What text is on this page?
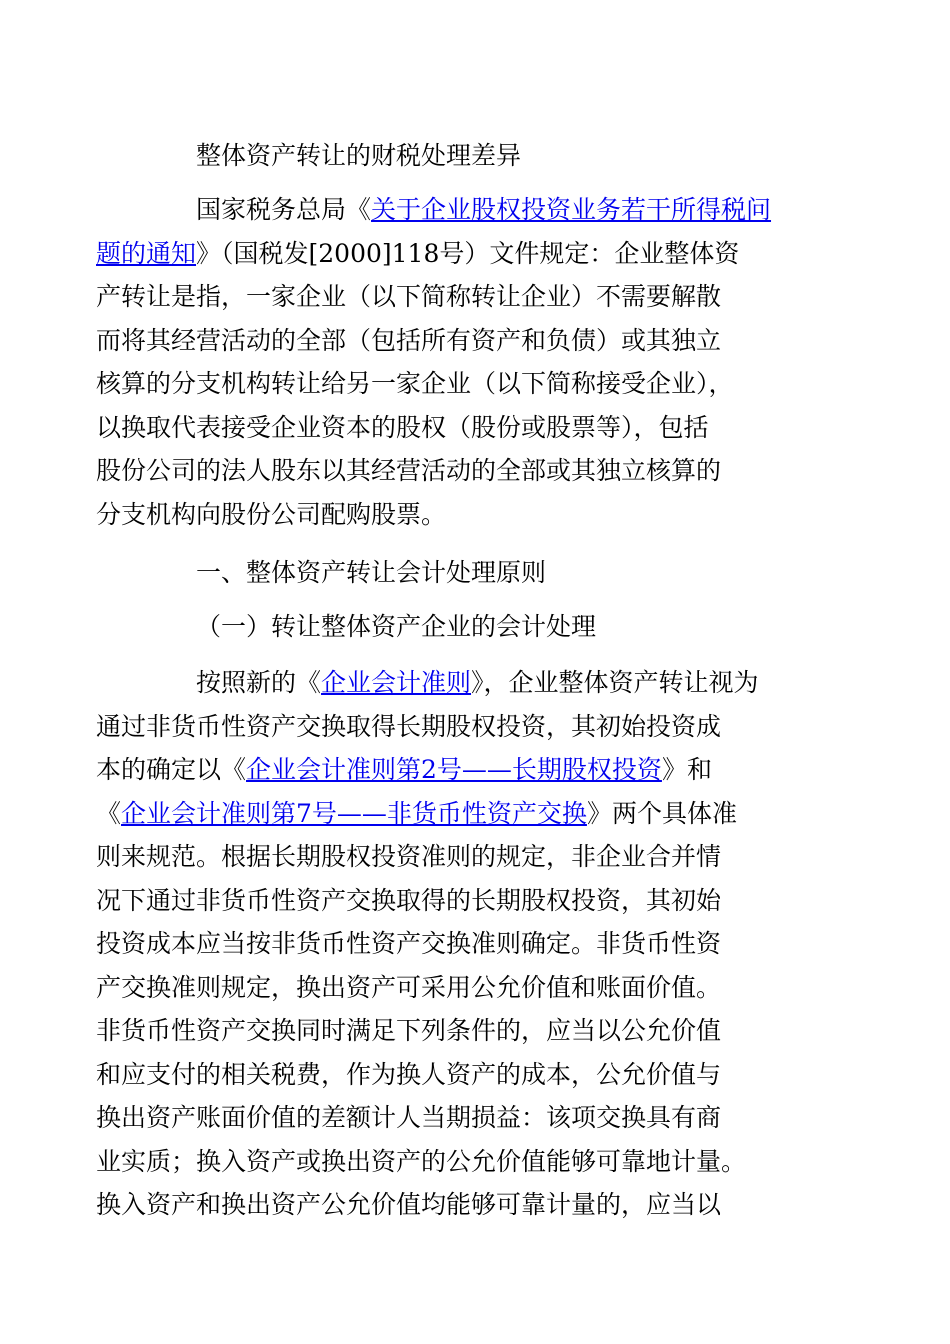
整体资产转让的财税处理差异

国家税务总局《关于企业股权投资业务若干所得税问
题的通知》（国税发[2000]118号）文件规定：企业整体资
产转让是指，一家企业（以下简称转让企业）不需要解散
而将其经营活动的全部（包括所有资产和负债）或其独立
核算的分支机构转让给另一家企业（以下简称接受企业），
以换取代表接受企业资本的股权（股份或股票等），包括
股份公司的法人股东以其经营活动的全部或其独立核算的
分支机构向股份公司配购股票。

一、整体资产转让会计处理原则

（一）转让整体资产企业的会计处理

按照新的《企业会计准则》，企业整体资产转让视为
通过非货币性资产交换取得长期股权投资，其初始投资成
本的确定以《企业会计准则第2号——长期股权投资》和
《企业会计准则第7号——非货币性资产交换》两个具体准
则来规范。根据长期股权投资准则的规定，非企业合并情
况下通过非货币性资产交换取得的长期股权投资，其初始
投资成本应当按非货币性资产交换准则确定。非货币性资
产交换准则规定，换出资产可采用公允价值和账面价值。
非货币性资产交换同时满足下列条件的，应当以公允价值
和应支付的相关税费，作为换人资产的成本，公允价值与
换出资产账面价值的差额计人当期损益：该项交换具有商
业实质；换入资产或换出资产的公允价值能够可靠地计量。
换入资产和换出资产公允价值均能够可靠计量的，应当以
